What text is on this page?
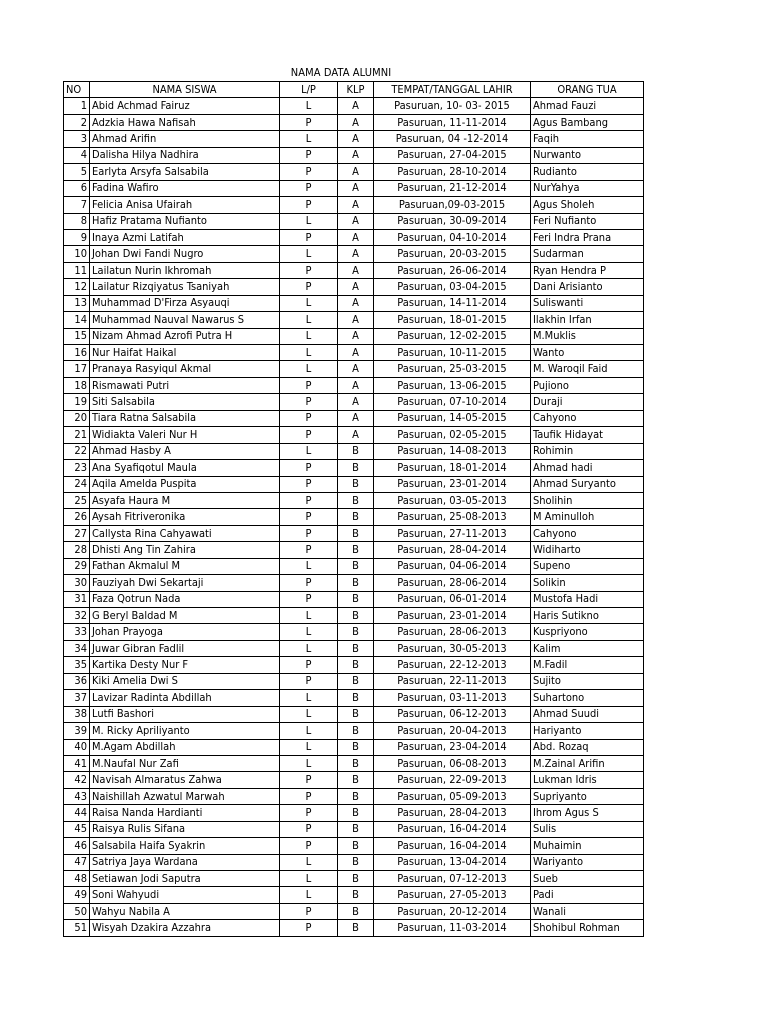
NAMA DATA ALUMNI
NO	NAMA SISWA	L/P	KLP	TEMPAT/TANGGAL LAHIR	ORANG TUA
1	Abid Achmad Fairuz	L	A	Pasuruan, 10- 03- 2015	Ahmad Fauzi
2	Adzkia Hawa Nafisah	P	A	Pasuruan, 11-11-2014	Agus Bambang
3	Ahmad Arifin	L	A	Pasuruan, 04 -12-2014	Faqih
4	Dalisha Hilya Nadhira	P	A	Pasuruan, 27-04-2015	Nurwanto
5	Earlyta Arsyfa Salsabila	P	A	Pasuruan, 28-10-2014	Rudianto
6	Fadina Wafiro	P	A	Pasuruan, 21-12-2014	NurYahya
7	Felicia Anisa Ufairah	P	A	Pasuruan,09-03-2015	Agus Sholeh
8	Hafiz Pratama Nufianto	L	A	Pasuruan, 30-09-2014	Feri Nufianto
9	Inaya Azmi Latifah	P	A	Pasuruan, 04-10-2014	Feri Indra Prana
10	Johan Dwi Fandi Nugro	L	A	Pasuruan, 20-03-2015	Sudarman
11	Lailatun Nurin Ikhromah	P	A	Pasuruan, 26-06-2014	Ryan Hendra P
12	Lailatur Rizqiyatus Tsaniyah	P	A	Pasuruan, 03-04-2015	Dani Arisianto
13	Muhammad D'Firza Asyauqi	L	A	Pasuruan, 14-11-2014	Suliswanti
14	Muhammad Nauval Nawarus S	L	A	Pasuruan, 18-01-2015	Ilakhin Irfan
15	Nizam Ahmad Azrofi Putra H	L	A	Pasuruan, 12-02-2015	M.Muklis
16	Nur Haifat Haikal	L	A	Pasuruan, 10-11-2015	Wanto
17	Pranaya Rasyiqul Akmal	L	A	Pasuruan, 25-03-2015	M. Waroqil Faid
18	Rismawati Putri	P	A	Pasuruan, 13-06-2015	Pujiono
19	Siti Salsabila	P	A	Pasuruan, 07-10-2014	Duraji
20	Tiara Ratna Salsabila	P	A	Pasuruan, 14-05-2015	Cahyono
21	Widiakta Valeri Nur H	P	A	Pasuruan, 02-05-2015	Taufik Hidayat
22	Ahmad Hasby A	L	B	Pasuruan, 14-08-2013	Rohimin
23	Ana Syafiqotul Maula	P	B	Pasuruan, 18-01-2014	Ahmad hadi
24	Aqila Amelda Puspita	P	B	Pasuruan, 23-01-2014	Ahmad Suryanto
25	Asyafa Haura M	P	B	Pasuruan, 03-05-2013	Sholihin
26	Aysah Fitriveronika	P	B	Pasuruan, 25-08-2013	M Aminulloh
27	Callysta Rina Cahyawati	P	B	Pasuruan, 27-11-2013	Cahyono
28	Dhisti Ang Tin Zahira	P	B	Pasuruan, 28-04-2014	Widiharto
29	Fathan Akmalul M	L	B	Pasuruan, 04-06-2014	Supeno
30	Fauziyah Dwi Sekartaji	P	B	Pasuruan, 28-06-2014	Solikin
31	Faza Qotrun Nada	P	B	Pasuruan, 06-01-2014	Mustofa Hadi
32	G Beryl Baldad M	L	B	Pasuruan, 23-01-2014	Haris Sutikno
33	Johan Prayoga	L	B	Pasuruan, 28-06-2013	Kuspriyono
34	Juwar Gibran Fadlil	L	B	Pasuruan, 30-05-2013	Kalim
35	Kartika Desty Nur F	P	B	Pasuruan, 22-12-2013	M.Fadil
36	Kiki Amelia Dwi S	P	B	Pasuruan, 22-11-2013	Sujito
37	Lavizar Radinta Abdillah	L	B	Pasuruan, 03-11-2013	Suhartono
38	Lutfi Bashori	L	B	Pasuruan, 06-12-2013	Ahmad Suudi
39	M. Ricky Apriliyanto	L	B	Pasuruan, 20-04-2013	Hariyanto
40	M.Agam Abdillah	L	B	Pasuruan, 23-04-2014	Abd. Rozaq
41	M.Naufal Nur Zafi	L	B	Pasuruan, 06-08-2013	M.Zainal Arifin
42	Navisah Almaratus Zahwa	P	B	Pasuruan, 22-09-2013	Lukman Idris
43	Naishillah Azwatul Marwah	P	B	Pasuruan, 05-09-2013	Supriyanto
44	Raisa Nanda Hardianti	P	B	Pasuruan, 28-04-2013	Ihrom Agus S
45	Raisya Rulis Sifana	P	B	Pasuruan, 16-04-2014	Sulis
46	Salsabila Haifa Syakrin	P	B	Pasuruan, 16-04-2014	Muhaimin
47	Satriya Jaya Wardana	L	B	Pasuruan, 13-04-2014	Wariyanto
48	Setiawan Jodi Saputra	L	B	Pasuruan, 07-12-2013	Sueb
49	Soni Wahyudi	L	B	Pasuruan, 27-05-2013	Padi
50	Wahyu Nabila A	P	B	Pasuruan, 20-12-2014	Wanali
51	Wisyah Dzakira Azzahra	P	B	Pasuruan, 11-03-2014	Shohibul Rohman
